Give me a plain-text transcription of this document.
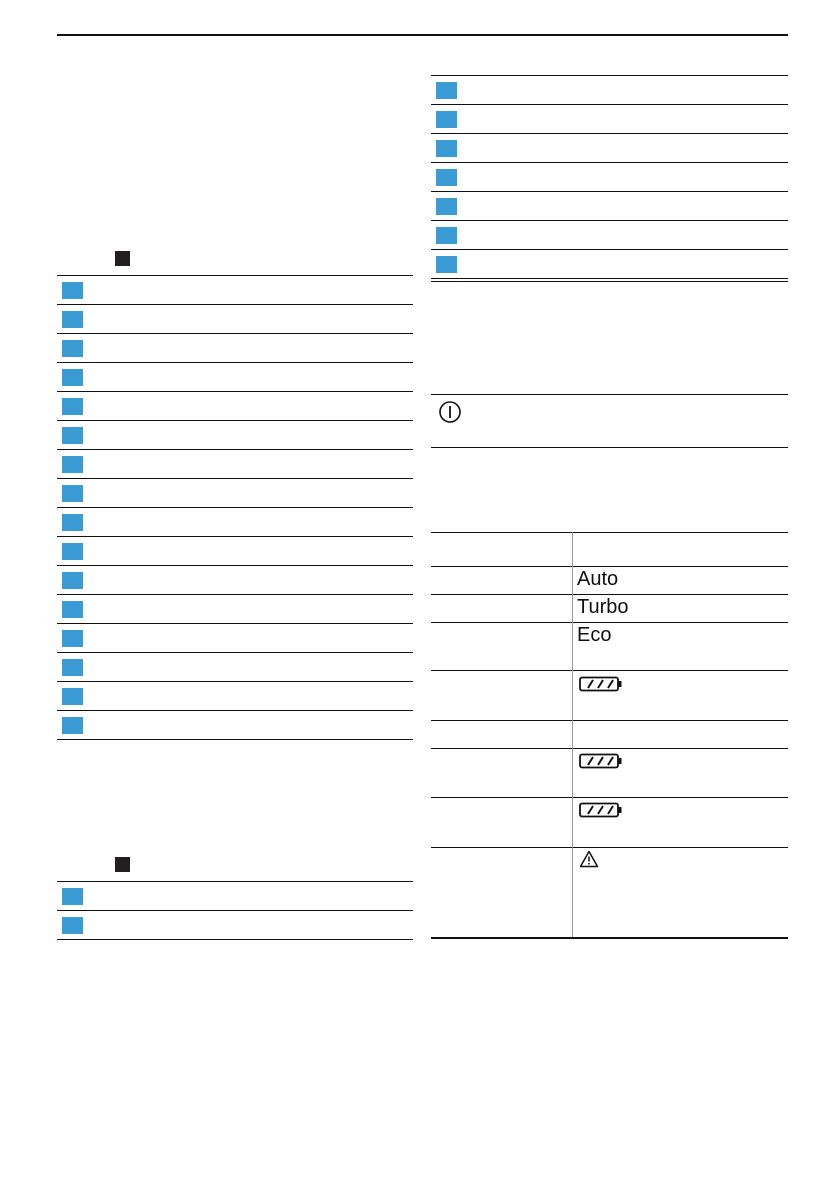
Auto
Turbo
Eco
